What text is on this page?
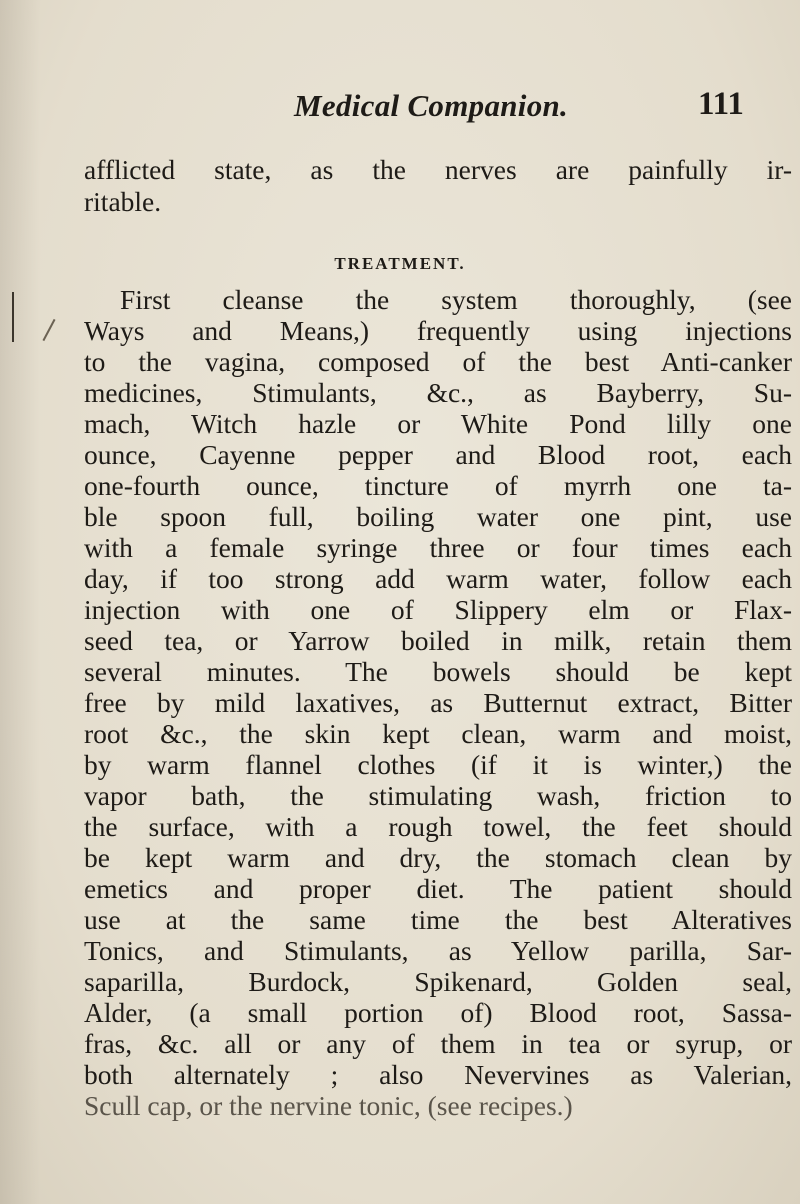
Medical Companion.	111
afflicted state, as the nerves are painfully ir-
ritable.
TREATMENT.
First cleanse the system thoroughly, (see
Ways and Means,) frequently using injections
to the vagina, composed of the best Anti-canker
medicines, Stimulants, &c., as Bayberry, Su-
mach, Witch hazle or White Pond lilly one
ounce, Cayenne pepper and Blood root, each
one-fourth ounce, tincture of myrrh one ta-
ble spoon full, boiling water one pint, use
with a female syringe three or four times each
day, if too strong add warm water, follow each
injection with one of Slippery elm or Flax-
seed tea, or Yarrow boiled in milk, retain them
several minutes. The bowels should be kept
free by mild laxatives, as Butternut extract, Bitter
root &c., the skin kept clean, warm and moist,
by warm flannel clothes (if it is winter,) the
vapor bath, the stimulating wash, friction to
the surface, with a rough towel, the feet should
be kept warm and dry, the stomach clean by
emetics and proper diet. The patient should
use at the same time the best Alteratives
Tonics, and Stimulants, as Yellow parilla, Sar-
saparilla, Burdock, Spikenard, Golden seal,
Alder, (a small portion of) Blood root, Sassa-
fras, &c. all or any of them in tea or syrup, or
both alternately ; also Nevervines as Valerian,
Scull cap, or the nervine tonic, (see recipes.)
